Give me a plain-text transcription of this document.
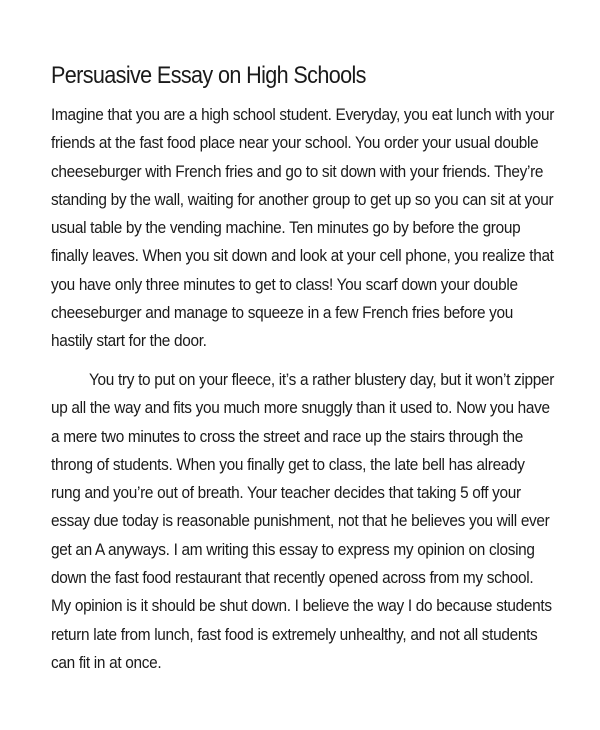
Persuasive Essay on High Schools

Imagine that you are a high school student. Everyday, you eat lunch with your
friends at the fast food place near your school. You order your usual double
cheeseburger with French fries and go to sit down with your friends. They’re
standing by the wall, waiting for another group to get up so you can sit at your
usual table by the vending machine. Ten minutes go by before the group
finally leaves. When you sit down and look at your cell phone, you realize that
you have only three minutes to get to class! You scarf down your double
cheeseburger and manage to squeeze in a few French fries before you
hastily start for the door.

You try to put on your fleece, it’s a rather blustery day, but it won’t zipper
up all the way and fits you much more snuggly than it used to. Now you have
a mere two minutes to cross the street and race up the stairs through the
throng of students. When you finally get to class, the late bell has already
rung and you’re out of breath. Your teacher decides that taking 5 off your
essay due today is reasonable punishment, not that he believes you will ever
get an A anyways. I am writing this essay to express my opinion on closing
down the fast food restaurant that recently opened across from my school.
My opinion is it should be shut down. I believe the way I do because students
return late from lunch, fast food is extremely unhealthy, and not all students
can fit in at once.
